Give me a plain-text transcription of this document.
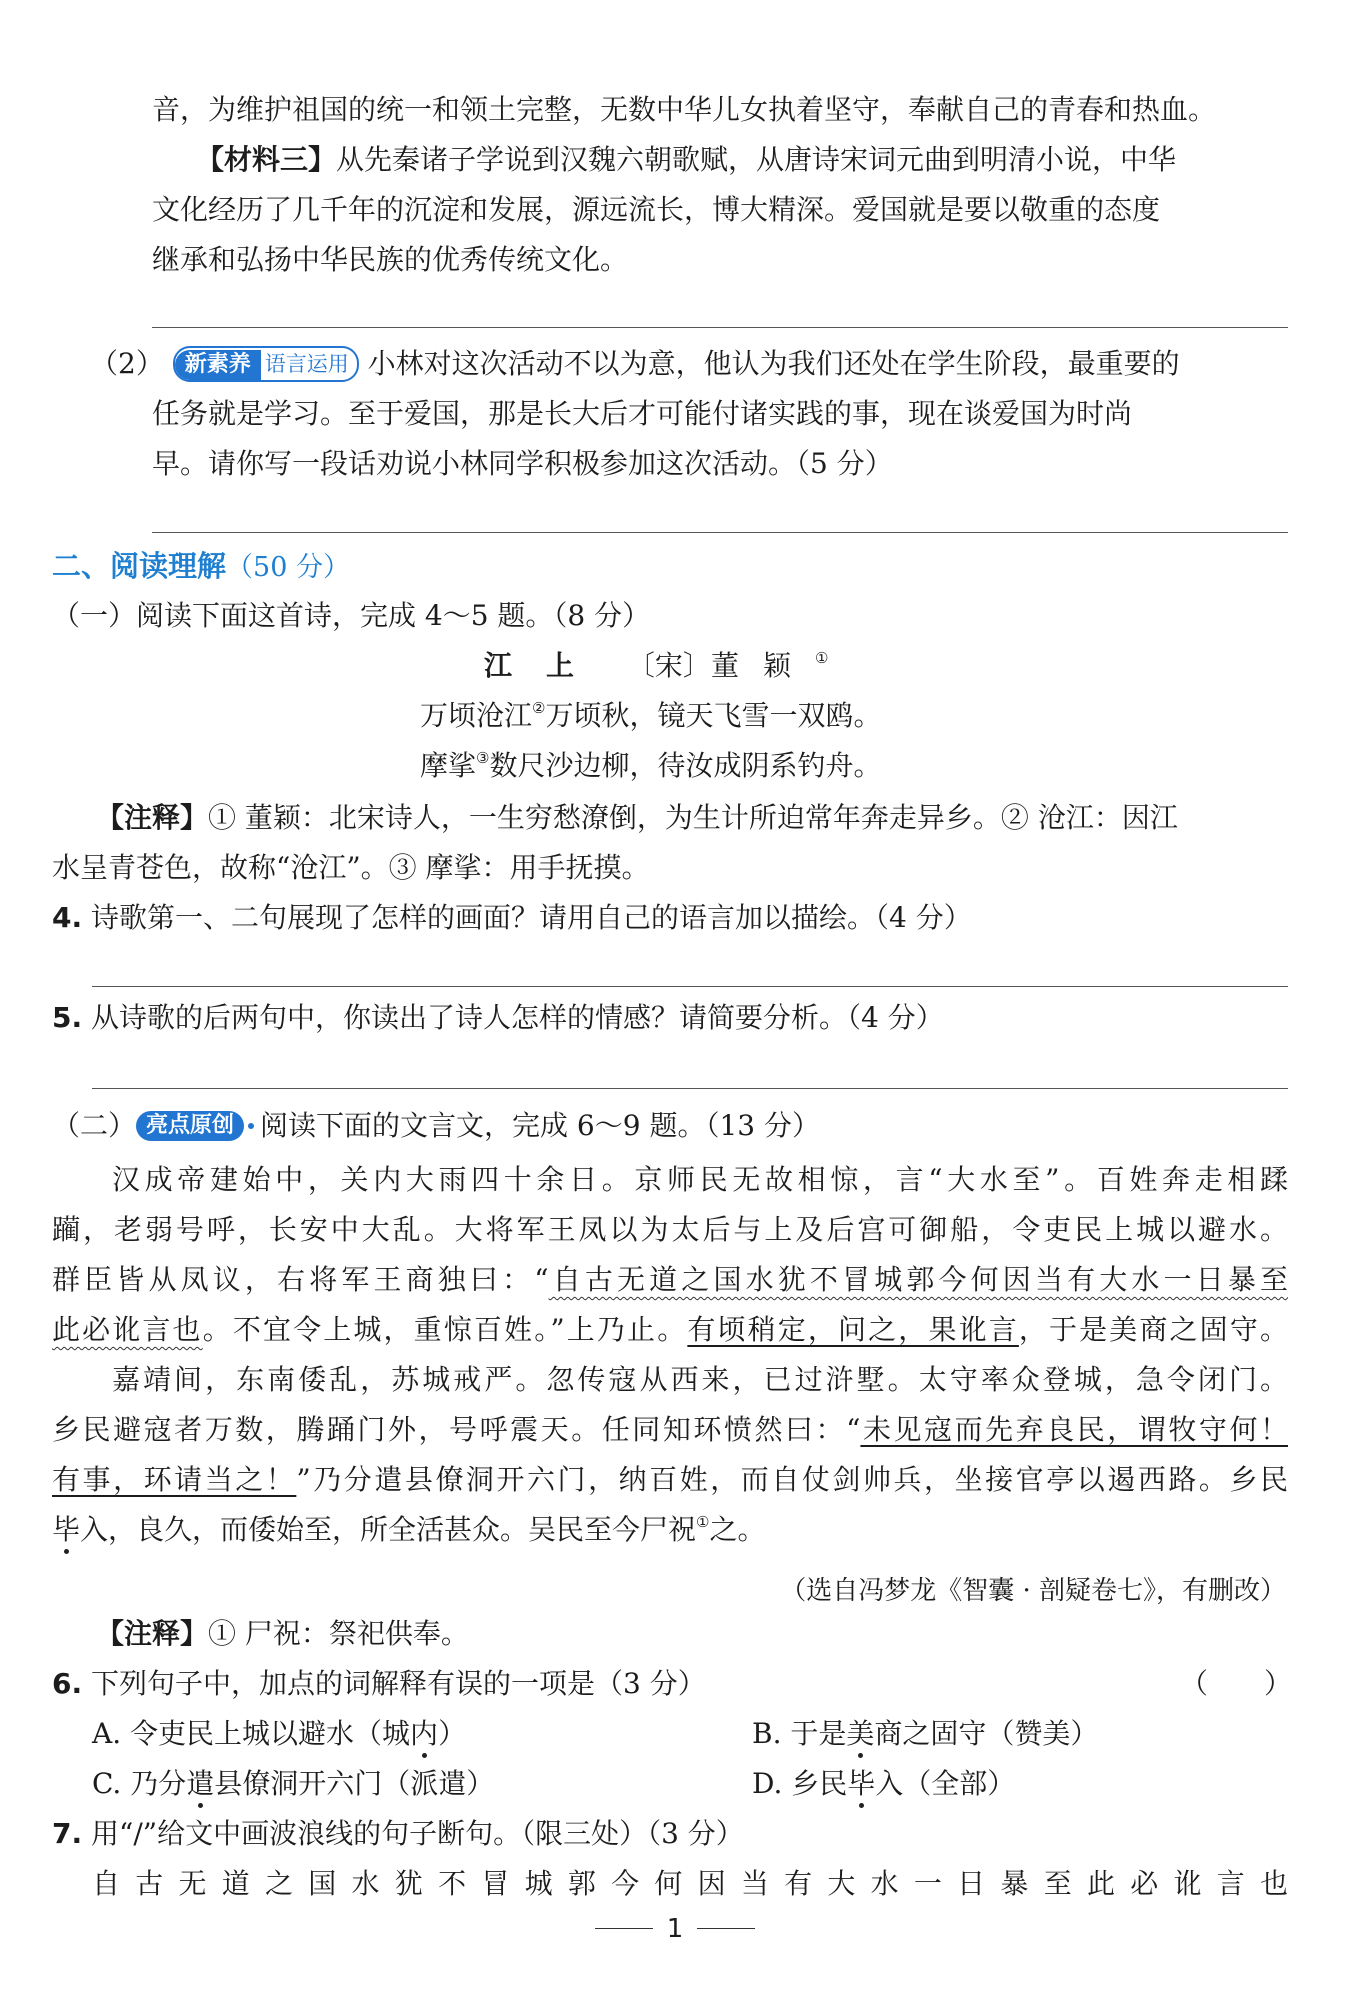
音，为维护祖国的统一和领土完整，无数中华儿女执着坚守，奉献自己的青春和热血。
【材料三】从先秦诸子学说到汉魏六朝歌赋，从唐诗宋词元曲到明清小说，中华
文化经历了几千年的沉淀和发展，源远流长，博大精深。爱国就是要以敬重的态度
继承和弘扬中华民族的优秀传统文化。
（2） 新素养 语言运用 小林对这次活动不以为意，他认为我们还处在学生阶段，最重要的
任务就是学习。至于爱国，那是长大后才可能付诸实践的事，现在谈爱国为时尚
早。请你写一段话劝说小林同学积极参加这次活动。（5 分）
二、阅读理解（50 分）
（一）阅读下面这首诗，完成 4～5 题。（8 分）
江上 〔宋〕董颖①
万顷沧江②万顷秋，镜天飞雪一双鸥。
摩挲③数尺沙边柳，待汝成阴系钓舟。
【注释】① 董颖：北宋诗人，一生穷愁潦倒，为生计所迫常年奔走异乡。② 沧江：因江
水呈青苍色，故称“沧江”。③ 摩挲：用手抚摸。
4. 诗歌第一、二句展现了怎样的画面？请用自己的语言加以描绘。（4 分）
5. 从诗歌的后两句中，你读出了诗人怎样的情感？请简要分析。（4 分）
（二） 亮点原创 阅读下面的文言文，完成 6～9 题。（13 分）
汉成帝建始中，关内大雨四十余日。京师民无故相惊，言“大水至”。百姓奔走相蹂
躏，老弱号呼，长安中大乱。大将军王凤以为太后与上及后宫可御船，令吏民上城以避水。
群臣皆从凤议，右将军王商独曰：“自古无道之国水犹不冒城郭今何因当有大水一日暴至
此必讹言也。不宜令上城，重惊百姓。”上乃止。有顷稍定，问之，果讹言，于是美商之固守。
嘉靖间，东南倭乱，苏城戒严。忽传寇从西来，已过浒墅。太守率众登城，急令闭门。
乡民避寇者万数，腾踊门外，号呼震天。任同知环愤然曰：“未见寇而先弃良民，谓牧守何！
有事，环请当之！”乃分遣县僚洞开六门，纳百姓，而自仗剑帅兵，坐接官亭以遏西路。乡民
毕入，良久，而倭始至，所全活甚众。吴民至今尸祝①之。
（选自冯梦龙《智囊 · 剖疑卷七》，有删改）
【注释】① 尸祝：祭祀供奉。
6. 下列句子中，加点的词解释有误的一项是（3 分）	（　　）
A. 令吏民上城以避水（城内）	B. 于是美商之固守（赞美）
C. 乃分遣县僚洞开六门（派遣）	D. 乡民毕入（全部）
7. 用“/”给文中画波浪线的句子断句。（限三处）（3 分）
自古无道之国水犹不冒城郭今何因当有大水一日暴至此必讹言也
1
